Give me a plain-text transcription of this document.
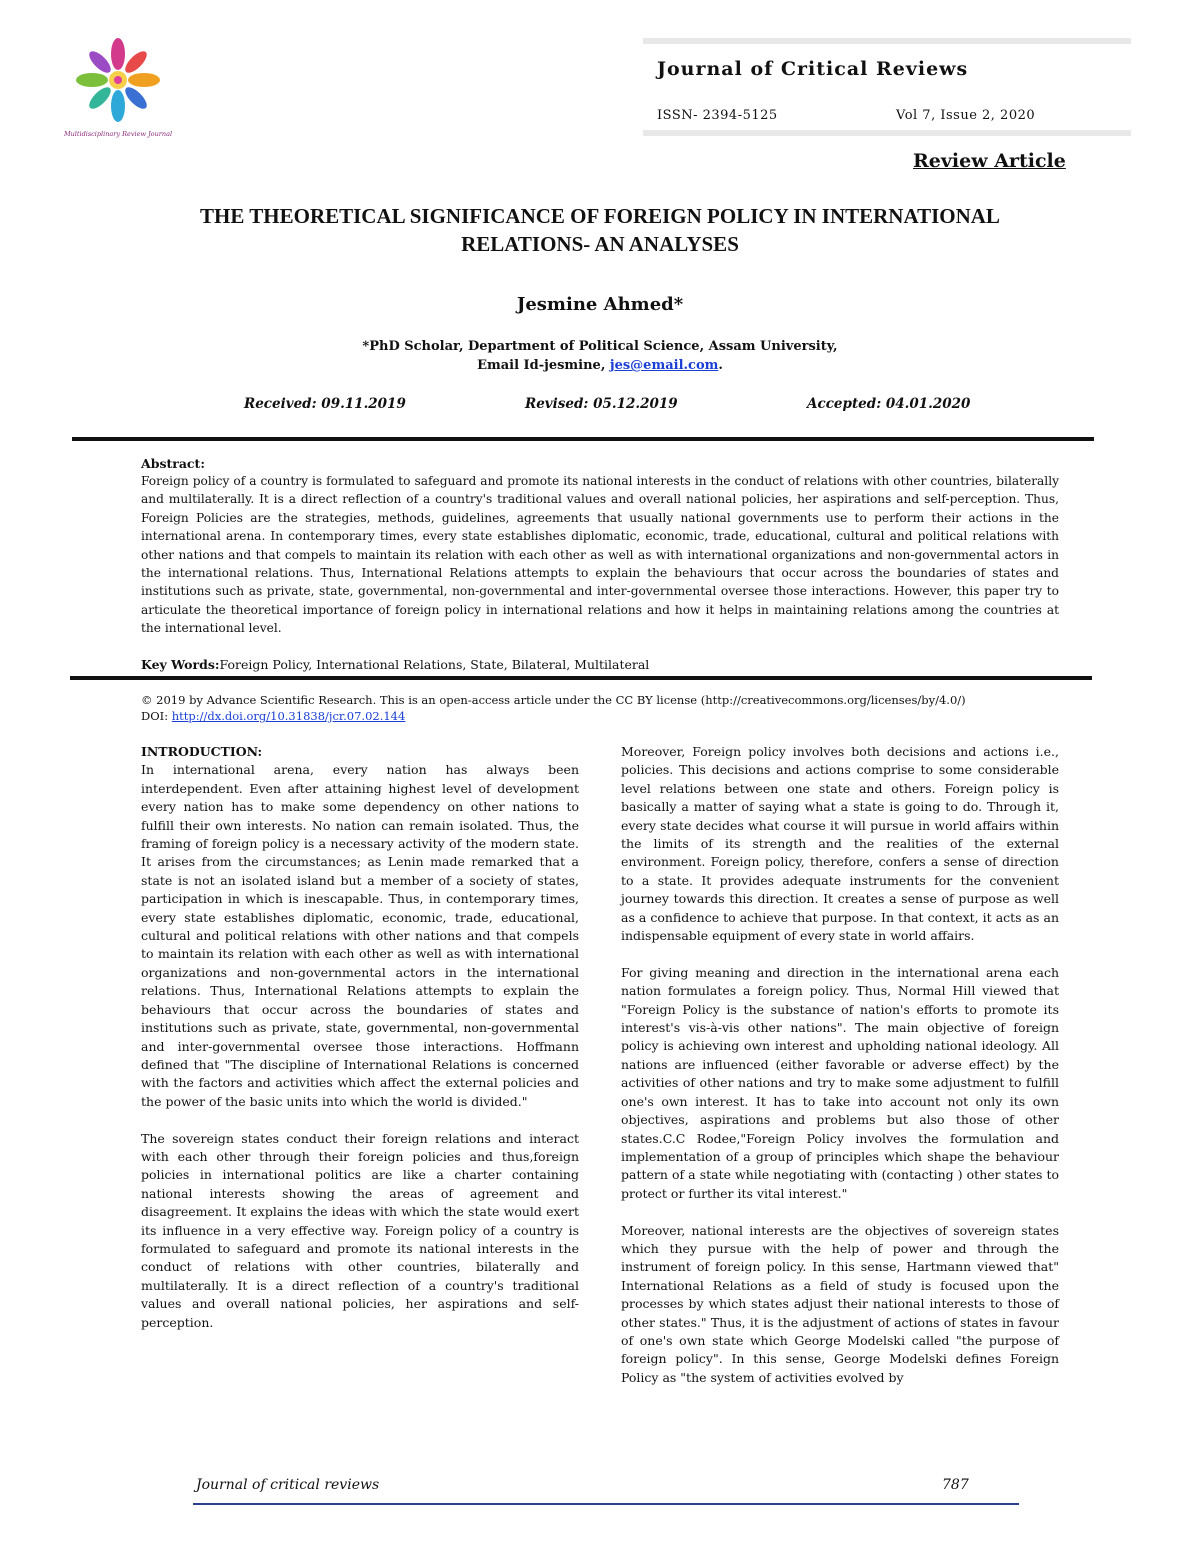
Multidisciplinary Review Journal
Journal of Critical Reviews
ISSN- 2394-5125	Vol 7, Issue 2, 2020
Review Article
THE THEORETICAL SIGNIFICANCE OF FOREIGN POLICY IN INTERNATIONAL RELATIONS- AN ANALYSES
Jesmine Ahmed*
*PhD Scholar, Department of Political Science, Assam University,
Email Id-jesmine, jes@email.com.
Received: 09.11.2019	Revised: 05.12.2019	Accepted: 04.01.2020
Abstract:
Foreign policy of a country is formulated to safeguard and promote its national interests in the conduct of relations with other countries, bilaterally and multilaterally. It is a direct reflection of a country's traditional values and overall national policies, her aspirations and self-perception. Thus, Foreign Policies are the strategies, methods, guidelines, agreements that usually national governments use to perform their actions in the international arena. In contemporary times, every state establishes diplomatic, economic, trade, educational, cultural and political relations with other nations and that compels to maintain its relation with each other as well as with international organizations and non-governmental actors in the international relations. Thus, International Relations attempts to explain the behaviours that occur across the boundaries of states and institutions such as private, state, governmental, non-governmental and inter-governmental oversee those interactions. However, this paper try to articulate the theoretical importance of foreign policy in international relations and how it helps in maintaining relations among the countries at the international level.
Key Words:Foreign Policy, International Relations, State, Bilateral, Multilateral
© 2019 by Advance Scientific Research. This is an open-access article under the CC BY license (http://creativecommons.org/licenses/by/4.0/)
DOI: http://dx.doi.org/10.31838/jcr.07.02.144
INTRODUCTION:

In international arena, every nation has always been interdependent. Even after attaining highest level of development every nation has to make some dependency on other nations to fulfill their own interests. No nation can remain isolated. Thus, the framing of foreign policy is a necessary activity of the modern state. It arises from the circumstances; as Lenin made remarked that a state is not an isolated island but a member of a society of states, participation in which is inescapable. Thus, in contemporary times, every state establishes diplomatic, economic, trade, educational, cultural and political relations with other nations and that compels to maintain its relation with each other as well as with international organizations and non-governmental actors in the international relations. Thus, International Relations attempts to explain the behaviours that occur across the boundaries of states and institutions such as private, state, governmental, non-governmental and inter-governmental oversee those interactions. Hoffmann defined that "The discipline of International Relations is concerned with the factors and activities which affect the external policies and the power of the basic units into which the world is divided."

The sovereign states conduct their foreign relations and interact with each other through their foreign policies and thus,foreign policies in international politics are like a charter containing national interests showing the areas of agreement and disagreement. It explains the ideas with which the state would exert its influence in a very effective way. Foreign policy of a country is formulated to safeguard and promote its national interests in the conduct of relations with other countries, bilaterally and multilaterally. It is a direct reflection of a country's traditional values and overall national policies, her aspirations and self-perception.

Moreover, Foreign policy involves both decisions and actions i.e., policies. This decisions and actions comprise to some considerable level relations between one state and others. Foreign policy is basically a matter of saying what a state is going to do. Through it, every state decides what course it will pursue in world affairs within the limits of its strength and the realities of the external environment. Foreign policy, therefore, confers a sense of direction to a state. It provides adequate instruments for the convenient journey towards this direction. It creates a sense of purpose as well as a confidence to achieve that purpose. In that context, it acts as an indispensable equipment of every state in world affairs.

For giving meaning and direction in the international arena each nation formulates a foreign policy. Thus, Normal Hill viewed that "Foreign Policy is the substance of nation's efforts to promote its interest's vis-à-vis other nations". The main objective of foreign policy is achieving own interest and upholding national ideology. All nations are influenced (either favorable or adverse effect) by the activities of other nations and try to make some adjustment to fulfill one's own interest. It has to take into account not only its own objectives, aspirations and problems but also those of other states.C.C Rodee,"Foreign Policy involves the formulation and implementation of a group of principles which shape the behaviour pattern of a state while negotiating with (contacting ) other states to protect or further its vital interest."

Moreover, national interests are the objectives of sovereign states which they pursue with the help of power and through the instrument of foreign policy. In this sense, Hartmann viewed that" International Relations as a field of study is focused upon the processes by which states adjust their national interests to those of other states." Thus, it is the adjustment of actions of states in favour of one's own state which George Modelski called "the purpose of foreign policy". In this sense, George Modelski defines Foreign Policy as "the system of activities evolved by

Journal of critical reviews	787
